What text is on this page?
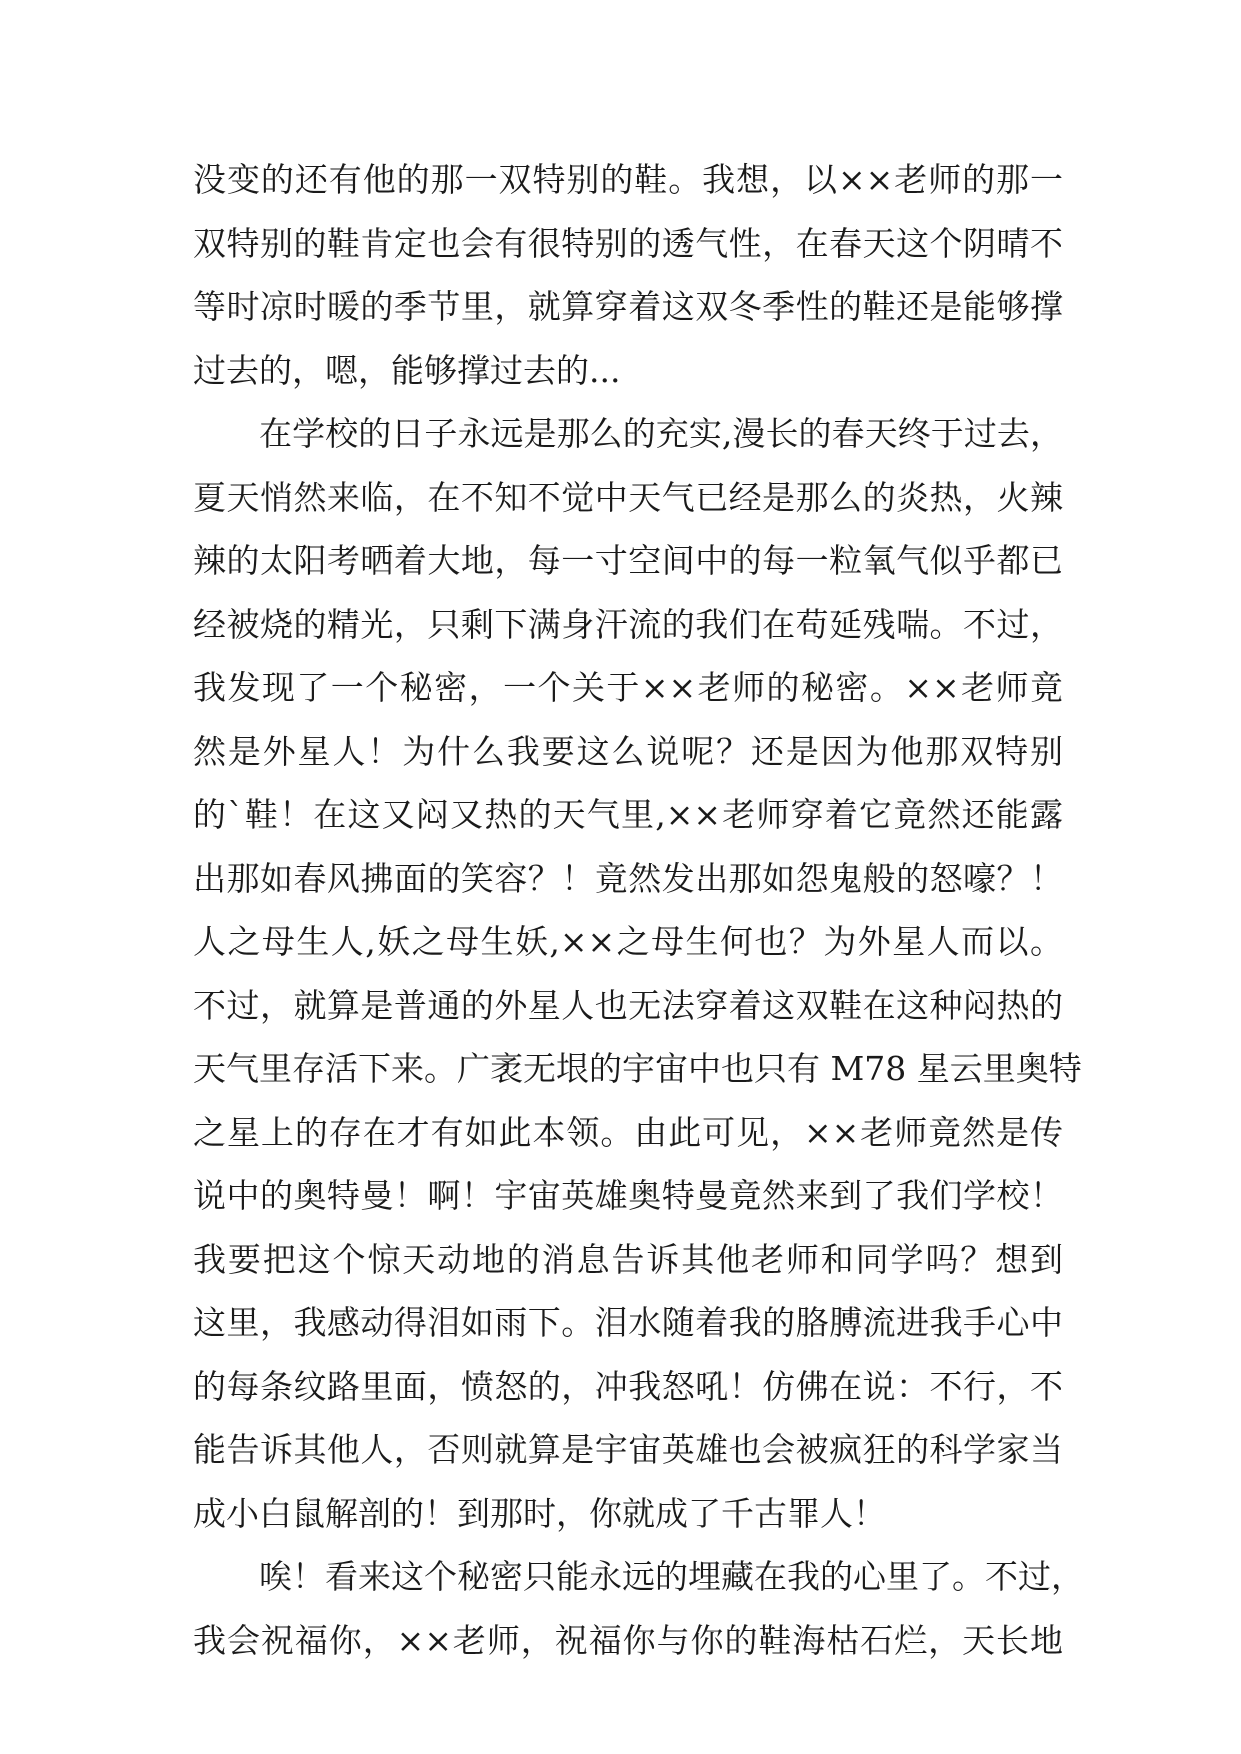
没变的还有他的那一双特别的鞋。我想，以××老师的那一
双特别的鞋肯定也会有很特别的透气性，在春天这个阴晴不
等时凉时暖的季节里，就算穿着这双冬季性的鞋还是能够撑
过去的，嗯，能够撑过去的...
在学校的日子永远是那么的充实,漫长的春天终于过去，
夏天悄然来临，在不知不觉中天气已经是那么的炎热，火辣
辣的太阳考晒着大地，每一寸空间中的每一粒氧气似乎都已
经被烧的精光，只剩下满身汗流的我们在苟延残喘。不过，
我发现了一个秘密，一个关于××老师的秘密。××老师竟
然是外星人！为什么我要这么说呢？还是因为他那双特别
的`鞋！在这又闷又热的天气里,××老师穿着它竟然还能露
出那如春风拂面的笑容？！竟然发出那如怨鬼般的怒嚎？！
人之母生人,妖之母生妖,××之母生何也？为外星人而以。
不过，就算是普通的外星人也无法穿着这双鞋在这种闷热的
天气里存活下来。广袤无垠的宇宙中也只有 M78 星云里奥特
之星上的存在才有如此本领。由此可见，××老师竟然是传
说中的奥特曼！啊！宇宙英雄奥特曼竟然来到了我们学校！
我要把这个惊天动地的消息告诉其他老师和同学吗？想到
这里，我感动得泪如雨下。泪水随着我的胳膊流进我手心中
的每条纹路里面，愤怒的，冲我怒吼！仿佛在说：不行，不
能告诉其他人，否则就算是宇宙英雄也会被疯狂的科学家当
成小白鼠解剖的！到那时，你就成了千古罪人！
唉！看来这个秘密只能永远的埋藏在我的心里了。不过，
我会祝福你，××老师，祝福你与你的鞋海枯石烂，天长地
